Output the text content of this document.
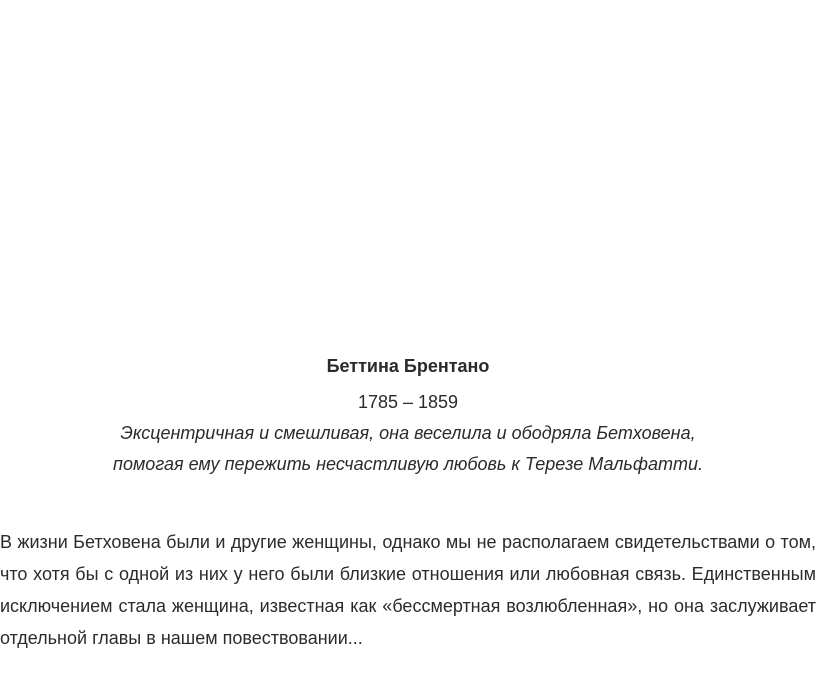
Беттина Брентано
1785 – 1859
Эксцентричная и смешливая, она веселила и ободряла Бетховена,
помогая ему пережить несчастливую любовь к Терезе Мальфатти.

В жизни Бетховена были и другие женщины, однако мы не располагаем свидетельствами о том, что хотя бы с одной из них у него были близкие отношения или любовная связь. Единственным исключением стала женщина, известная как «бессмертная возлюбленная», но она заслуживает отдельной главы в нашем повествовании...
